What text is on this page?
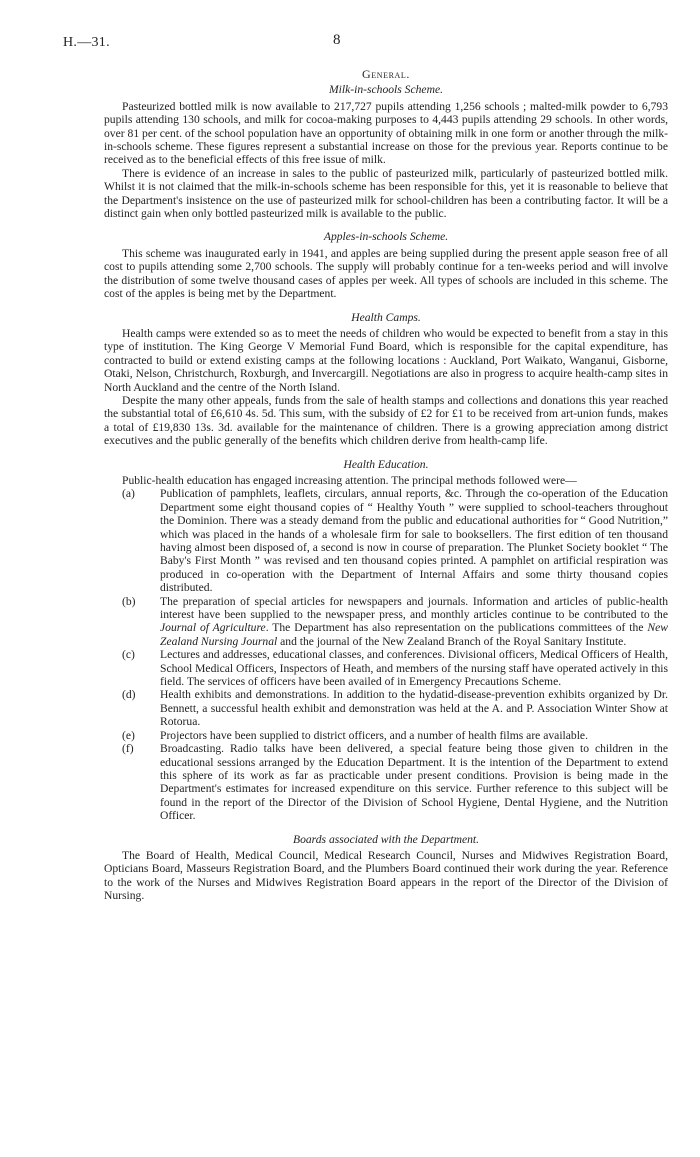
H.—31.	8
General.
Milk-in-schools Scheme.

Pasteurized bottled milk is now available to 217,727 pupils attending 1,256 schools ; malted-milk powder to 6,793 pupils attending 130 schools, and milk for cocoa-making purposes to 4,443 pupils attending 29 schools. In other words, over 81 per cent. of the school population have an opportunity of obtaining milk in one form or another through the milk-in-schools scheme. These figures represent a substantial increase on those for the previous year. Reports continue to be received as to the beneficial effects of this free issue of milk.

There is evidence of an increase in sales to the public of pasteurized milk, particularly of pasteurized bottled milk. Whilst it is not claimed that the milk-in-schools scheme has been responsible for this, yet it is reasonable to believe that the Department's insistence on the use of pasteurized milk for school-children has been a contributing factor. It will be a distinct gain when only bottled pasteurized milk is available to the public.

Apples-in-schools Scheme.

This scheme was inaugurated early in 1941, and apples are being supplied during the present apple season free of all cost to pupils attending some 2,700 schools. The supply will probably continue for a ten-weeks period and will involve the distribution of some twelve thousand cases of apples per week. All types of schools are included in this scheme. The cost of the apples is being met by the Department.

Health Camps.

Health camps were extended so as to meet the needs of children who would be expected to benefit from a stay in this type of institution. The King George V Memorial Fund Board, which is responsible for the capital expenditure, has contracted to build or extend existing camps at the following locations : Auckland, Port Waikato, Wanganui, Gisborne, Otaki, Nelson, Christchurch, Roxburgh, and Invercargill. Negotiations are also in progress to acquire health-camp sites in North Auckland and the centre of the North Island.

Despite the many other appeals, funds from the sale of health stamps and collections and donations this year reached the substantial total of £6,610 4s. 5d. This sum, with the subsidy of £2 for £1 to be received from art-union funds, makes a total of £19,830 13s. 3d. available for the maintenance of children. There is a growing appreciation among district executives and the public generally of the benefits which children derive from health-camp life.

Health Education.

Public-health education has engaged increasing attention. The principal methods followed were—

(a) Publication of pamphlets, leaflets, circulars, annual reports, &c. Through the co-operation of the Education Department some eight thousand copies of “ Healthy Youth ” were supplied to school-teachers throughout the Dominion. There was a steady demand from the public and educational authorities for “ Good Nutrition,” which was placed in the hands of a wholesale firm for sale to booksellers. The first edition of ten thousand having almost been disposed of, a second is now in course of preparation. The Plunket Society booklet “ The Baby's First Month ” was revised and ten thousand copies printed. A pamphlet on artificial respiration was produced in co-operation with the Department of Internal Affairs and some thirty thousand copies distributed.
(b) The preparation of special articles for newspapers and journals. Information and articles of public-health interest have been supplied to the newspaper press, and monthly articles continue to be contributed to the Journal of Agriculture. The Department has also representation on the publications committees of the New Zealand Nursing Journal and the journal of the New Zealand Branch of the Royal Sanitary Institute.
(c) Lectures and addresses, educational classes, and conferences. Divisional officers, Medical Officers of Health, School Medical Officers, Inspectors of Heath, and members of the nursing staff have operated actively in this field. The services of officers have been availed of in Emergency Precautions Scheme.
(d) Health exhibits and demonstrations. In addition to the hydatid-disease-prevention exhibits organized by Dr. Bennett, a successful health exhibit and demonstration was held at the A. and P. Association Winter Show at Rotorua.
(e) Projectors have been supplied to district officers, and a number of health films are available.
(f) Broadcasting. Radio talks have been delivered, a special feature being those given to children in the educational sessions arranged by the Education Department. It is the intention of the Department to extend this sphere of its work as far as practicable under present conditions. Provision is being made in the Department's estimates for increased expenditure on this service. Further reference to this subject will be found in the report of the Director of the Division of School Hygiene, Dental Hygiene, and the Nutrition Officer.
Boards associated with the Department.

The Board of Health, Medical Council, Medical Research Council, Nurses and Midwives Registration Board, Opticians Board, Masseurs Registration Board, and the Plumbers Board continued their work during the year. Reference to the work of the Nurses and Midwives Registration Board appears in the report of the Director of the Division of Nursing.
